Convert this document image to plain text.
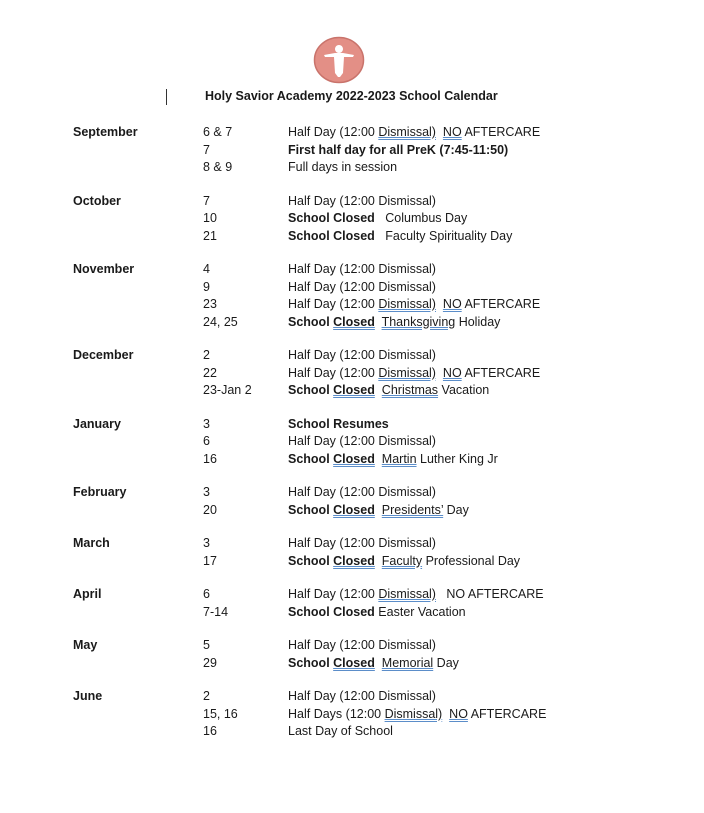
Holy Savior Academy 2022-2023 School Calendar
September	6 & 7	Half Day (12:00 Dismissal) NO AFTERCARE
7	First half day for all PreK (7:45-11:50)
8 & 9	Full days in session
October	7	Half Day (12:00 Dismissal)
10	School Closed   Columbus Day
21	School Closed   Faculty Spirituality Day
November	4	Half Day (12:00 Dismissal)
9	Half Day (12:00 Dismissal)
23	Half Day (12:00 Dismissal) NO AFTERCARE
24, 25	School Closed Thanksgiving Holiday
December	2	Half Day (12:00 Dismissal)
22	Half Day (12:00 Dismissal) NO AFTERCARE
23-Jan 2	School Closed Christmas Vacation
January	3	School Resumes
6	Half Day (12:00 Dismissal)
16	School Closed Martin Luther King Jr
February	3	Half Day (12:00 Dismissal)
20	School Closed Presidents’ Day
March	3	Half Day (12:00 Dismissal)
17	School Closed Faculty Professional Day
April	6	Half Day (12:00 Dismissal)   NO AFTERCARE
7-14	School Closed Easter Vacation
May	5	Half Day (12:00 Dismissal)
29	School Closed Memorial Day
June	2	Half Day (12:00 Dismissal)
15, 16	Half Days (12:00 Dismissal) NO AFTERCARE
16	Last Day of School
